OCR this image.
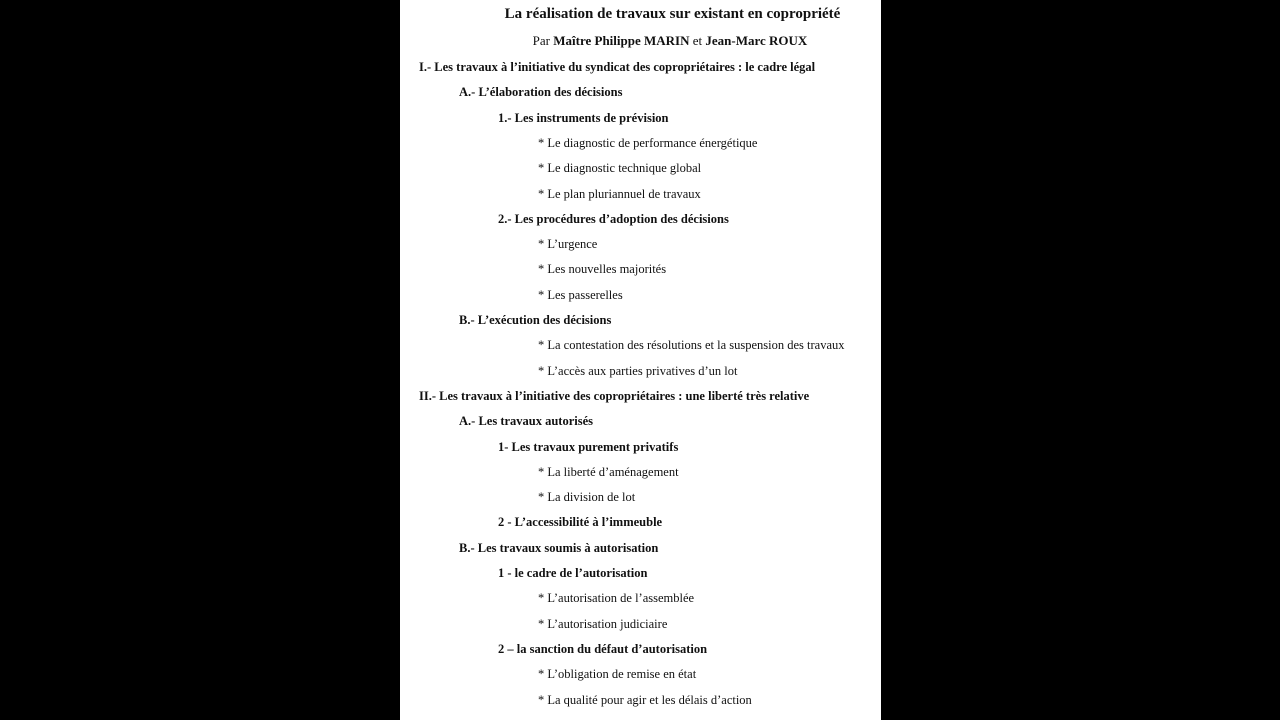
La réalisation de travaux sur existant en copropriété
Par Maître Philippe MARIN et Jean-Marc ROUX
I.- Les travaux à l’initiative du syndicat des copropriétaires : le cadre légal
A.- L’élaboration des décisions
1.- Les instruments de prévision
* Le diagnostic de performance énergétique
* Le diagnostic technique global
* Le plan pluriannuel de travaux
2.- Les procédures d’adoption des décisions
* L’urgence
* Les nouvelles majorités
* Les passerelles
B.- L’exécution des décisions
* La contestation des résolutions et la suspension des travaux
* L’accès aux parties privatives d’un lot
II.- Les travaux à l’initiative des copropriétaires : une liberté très relative
A.- Les travaux autorisés
1- Les travaux purement privatifs
* La liberté d’aménagement
* La division de lot
2 - L’accessibilité à l’immeuble
B.- Les travaux soumis à autorisation
1 - le cadre de l’autorisation
* L’autorisation de l’assemblée
* L’autorisation judiciaire
2 – la sanction du défaut d’autorisation
* L’obligation de remise en état
* La qualité pour agir et les délais d’action
